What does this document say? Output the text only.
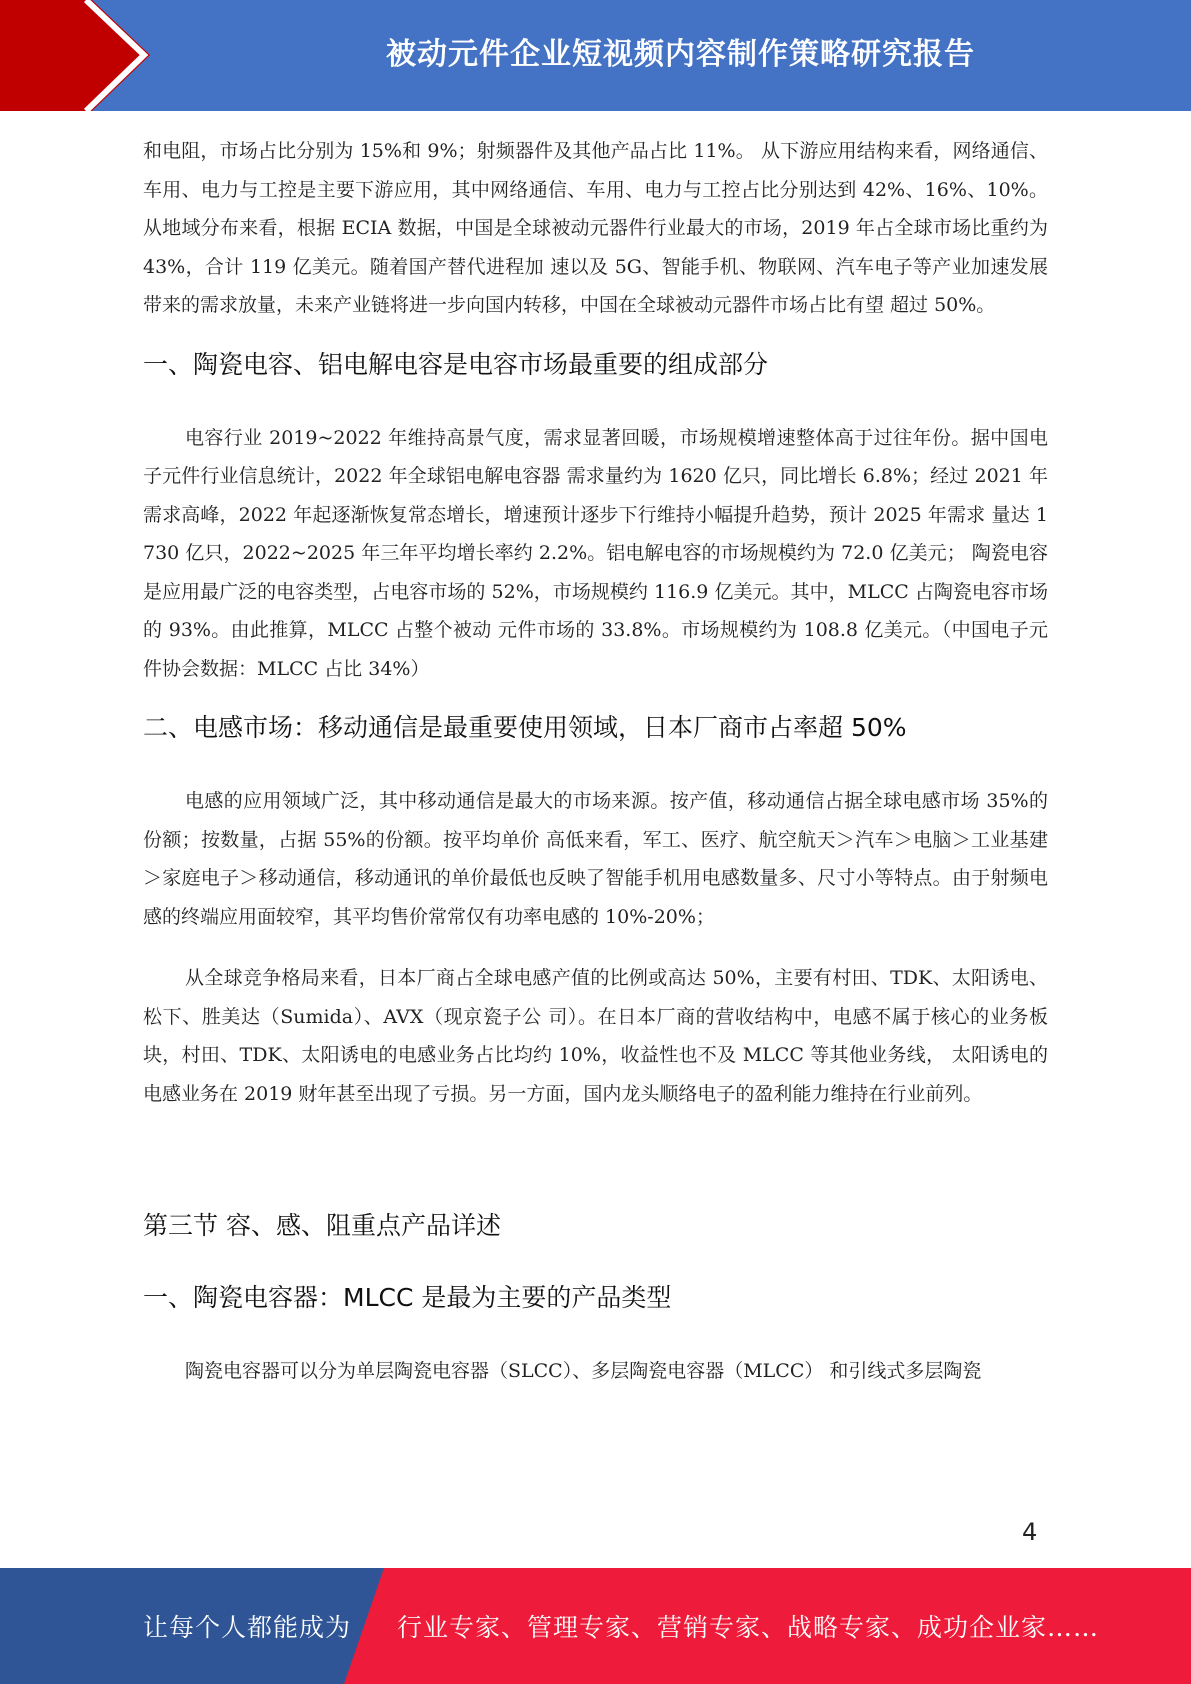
被动元件企业短视频内容制作策略研究报告

和电阻，市场占比分别为 15%和 9%；射频器件及其他产品占比 11%。 从下游应用结构来看，网络通信、车用、电力与工控是主要下游应用，其中网络通信、车用、电力与工控占比分别达到 42%、16%、10%。 从地域分布来看，根据 ECIA 数据，中国是全球被动元器件行业最大的市场，2019 年占全球市场比重约为 43%，合计 119 亿美元。随着国产替代进程加 速以及 5G、智能手机、物联网、汽车电子等产业加速发展带来的需求放量，未来产业链将进一步向国内转移，中国在全球被动元器件市场占比有望 超过 50%。

一、陶瓷电容、铝电解电容是电容市场最重要的组成部分

电容行业 2019~2022 年维持高景气度，需求显著回暖，市场规模增速整体高于过往年份。据中国电子元件行业信息统计，2022 年全球铝电解电容器 需求量约为 1620 亿只，同比增长 6.8%；经过 2021 年需求高峰，2022 年起逐渐恢复常态增长，增速预计逐步下行维持小幅提升趋势，预计 2025 年需求 量达 1730 亿只，2022~2025 年三年平均增长率约 2.2%。铝电解电容的市场规模约为 72.0 亿美元； 陶瓷电容是应用最广泛的电容类型，占电容市场的 52%，市场规模约 116.9 亿美元。其中，MLCC 占陶瓷电容市场的 93%。由此推算，MLCC 占整个被动 元件市场的 33.8%。市场规模约为 108.8 亿美元。（中国电子元件协会数据：MLCC 占比 34%）

二、电感市场：移动通信是最重要使用领域，日本厂商市占率超 50%

电感的应用领域广泛，其中移动通信是最大的市场来源。按产值，移动通信占据全球电感市场 35%的份额；按数量，占据 55%的份额。按平均单价 高低来看，军工、医疗、航空航天＞汽车＞电脑＞工业基建＞家庭电子＞移动通信，移动通讯的单价最低也反映了智能手机用电感数量多、尺寸小等特点。由于射频电感的终端应用面较窄，其平均售价常常仅有功率电感的 10%-20%；

从全球竞争格局来看，日本厂商占全球电感产值的比例或高达 50%，主要有村田、TDK、太阳诱电、松下、胜美达（Sumida）、AVX（现京瓷子公 司）。在日本厂商的营收结构中，电感不属于核心的业务板块，村田、TDK、太阳诱电的电感业务占比均约 10%，收益性也不及 MLCC 等其他业务线， 太阳诱电的电感业务在 2019 财年甚至出现了亏损。另一方面，国内龙头顺络电子的盈利能力维持在行业前列。

第三节 容、感、阻重点产品详述
一、陶瓷电容器：MLCC 是最为主要的产品类型

陶瓷电容器可以分为单层陶瓷电容器（SLCC）、多层陶瓷电容器（MLCC） 和引线式多层陶瓷

4
让每个人都能成为 行业专家、管理专家、营销专家、战略专家、成功企业家……
